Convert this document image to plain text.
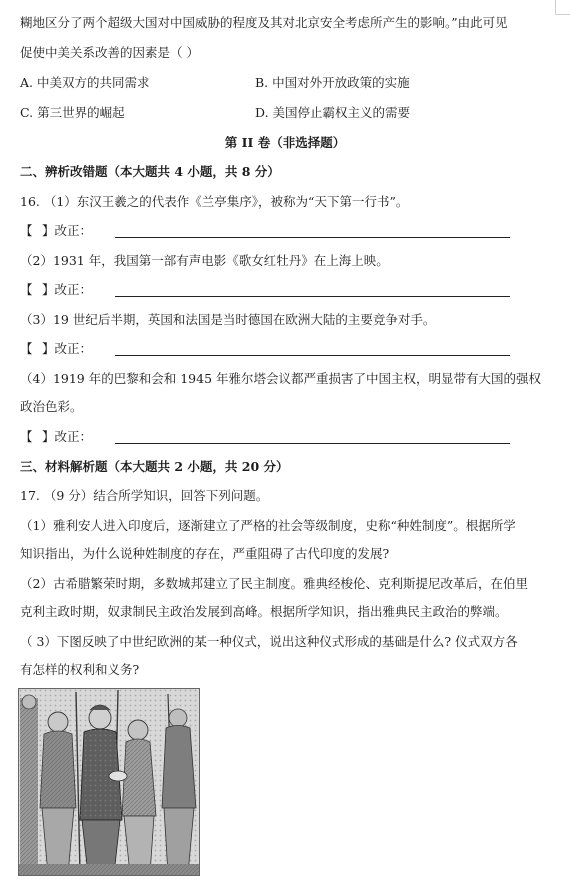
糊地区分了两个超级大国对中国威胁的程度及其对北京安全考虑所产生的影响。”由此可见
促使中美关系改善的因素是（ ）
A. 中美双方的共同需求	B. 中国对外开放政策的实施
C. 第三世界的崛起	D. 美国停止霸权主义的需要
第 II 卷（非选择题）
二、辨析改错题（本大题共 4 小题，共 8 分）
16. （1）东汉王羲之的代表作《兰亭集序》，被称为“天下第一行书”。
【 】改正：
（2）1931 年，我国第一部有声电影《歌女红牡丹》在上海上映。
【 】改正：
（3）19 世纪后半期，英国和法国是当时德国在欧洲大陆的主要竞争对手。
【 】改正：
（4）1919 年的巴黎和会和 1945 年雅尔塔会议都严重损害了中国主权，明显带有大国的强权
政治色彩。
【 】改正：
三、材料解析题（本大题共 2 小题，共 20 分）
17. （9 分）结合所学知识，回答下列问题。
（1）雅利安人进入印度后，逐渐建立了严格的社会等级制度，史称“种姓制度”。根据所学
知识指出，为什么说种姓制度的存在，严重阻碍了古代印度的发展?
（2）古希腊繁荣时期，多数城邦建立了民主制度。雅典经梭伦、克利斯提尼改革后，在伯里
克利主政时期，奴隶制民主政治发展到高峰。根据所学知识，指出雅典民主政治的弊端。
（ 3）下图反映了中世纪欧洲的某一种仪式，说出这种仪式形成的基础是什么? 仪式双方各
有怎样的权利和义务?
